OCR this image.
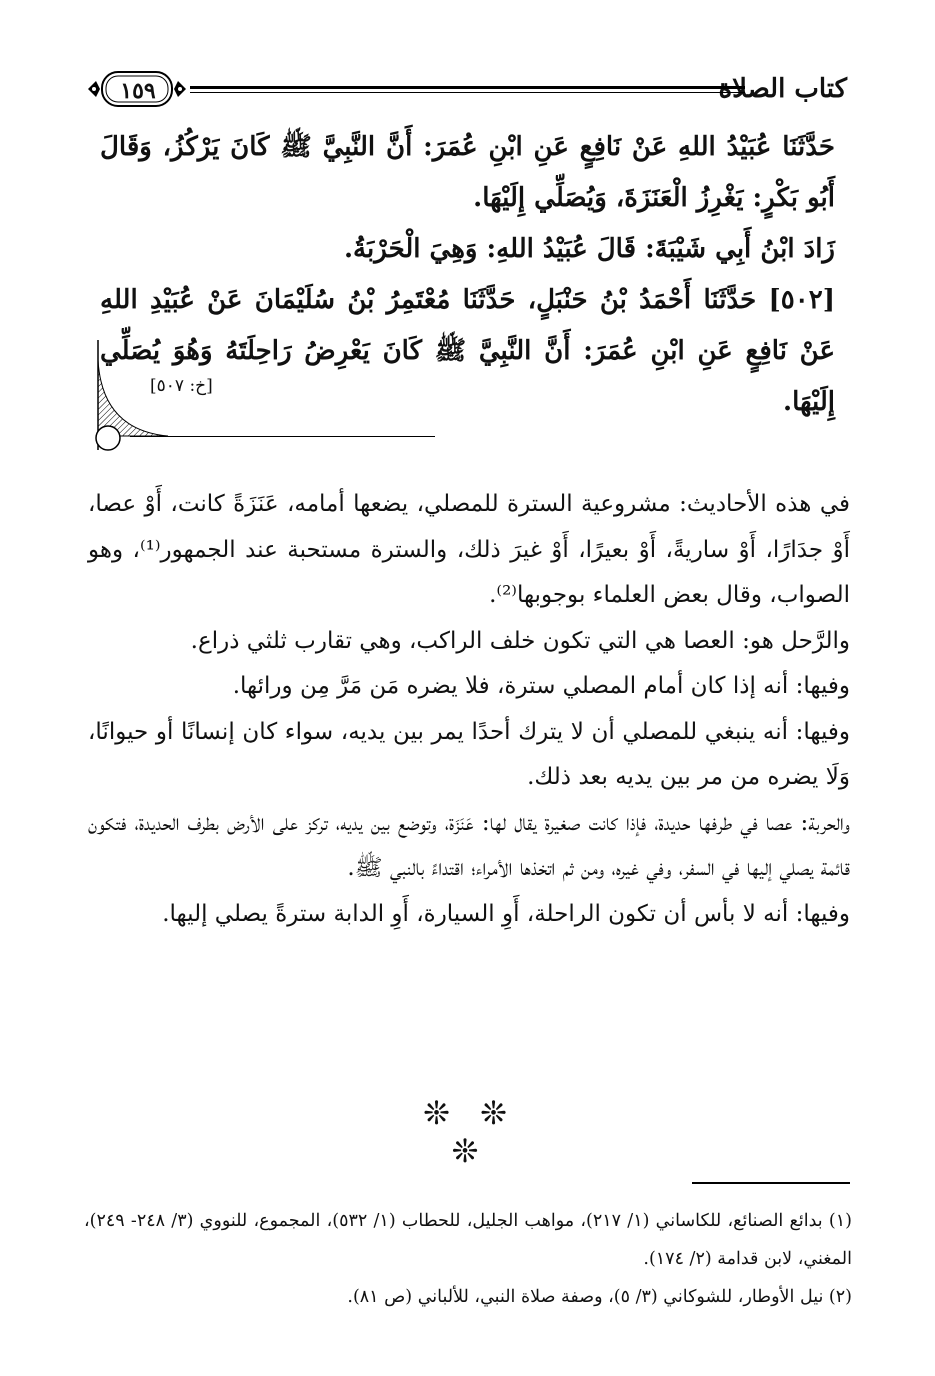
كتاب الصلاة
١٥٩

حَدَّثَنَا عُبَيْدُ اللهِ عَنْ نَافِعٍ عَنِ ابْنِ عُمَرَ: أَنَّ النَّبِيَّ ﷺ كَانَ يَرْكُزُ، وَقَالَ أَبُو بَكْرٍ: يَغْرِزُ الْعَنَزَةَ، وَيُصَلِّي إِلَيْهَا.

زَادَ ابْنُ أَبِي شَيْبَةَ: قَالَ عُبَيْدُ اللهِ: وَهِيَ الْحَرْبَةُ.

[٥٠٢] حَدَّثَنَا أَحْمَدُ بْنُ حَنْبَلٍ، حَدَّثَنَا مُعْتَمِرُ بْنُ سُلَيْمَانَ عَنْ عُبَيْدِ اللهِ عَنْ نَافِعٍ عَنِ ابْنِ عُمَرَ: أَنَّ النَّبِيَّ ﷺ كَانَ يَعْرِضُ رَاحِلَتَهُ وَهُوَ يُصَلِّي إِلَيْهَا.

[خ: ٥٠٧]

في هذه الأحاديث: مشروعية السترة للمصلي، يضعها أمامه، عَنَزَةً كانت، أَوْ عصا، أَوْ جدَارًا، أَوْ ساريةً، أَوْ بعيرًا، أَوْ غيرَ ذلك، والسترة مستحبة عند الجمهور⁽¹⁾، وهو الصواب، وقال بعض العلماء بوجوبها⁽²⁾.

والرَّحل هو: العصا هي التي تكون خلف الراكب، وهي تقارب ثلثي ذراع.

وفيها: أنه إذا كان أمام المصلي سترة، فلا يضره مَن مَرَّ مِن ورائها.

وفيها: أنه ينبغي للمصلي أن لا يترك أحدًا يمر بين يديه، سواء كان إنسانًا أو حيوانًا، وَلَا يضره من مر بين يديه بعد ذلك.

والحربة: عصا في طرفها حديدة، فإذا كانت صغيرة يقال لها: عَنَزَة، وتوضع بين يديه، تركز على الأرض بطرف الحديدة، فتكون قائمة يصلي إليها في السفر، وفي غيره، ومن ثم اتخذها الأمراء؛ اقتداءً بالنبي ﷺ.

وفيها: أنه لا بأس أن تكون الراحلة، أَوِ السيارة، أَوِ الدابة سترةً يصلي إليها.

❊ ❊ ❊

(١) بدائع الصنائع، للكاساني (١/ ٢١٧)، مواهب الجليل، للحطاب (١/ ٥٣٢)، المجموع، للنووي (٣/ ٢٤٨- ٢٤٩)، المغني، لابن قدامة (٢/ ١٧٤).

(٢) نيل الأوطار، للشوكاني (٣/ ٥)، وصفة صلاة النبي، للألباني (ص ٨١).
